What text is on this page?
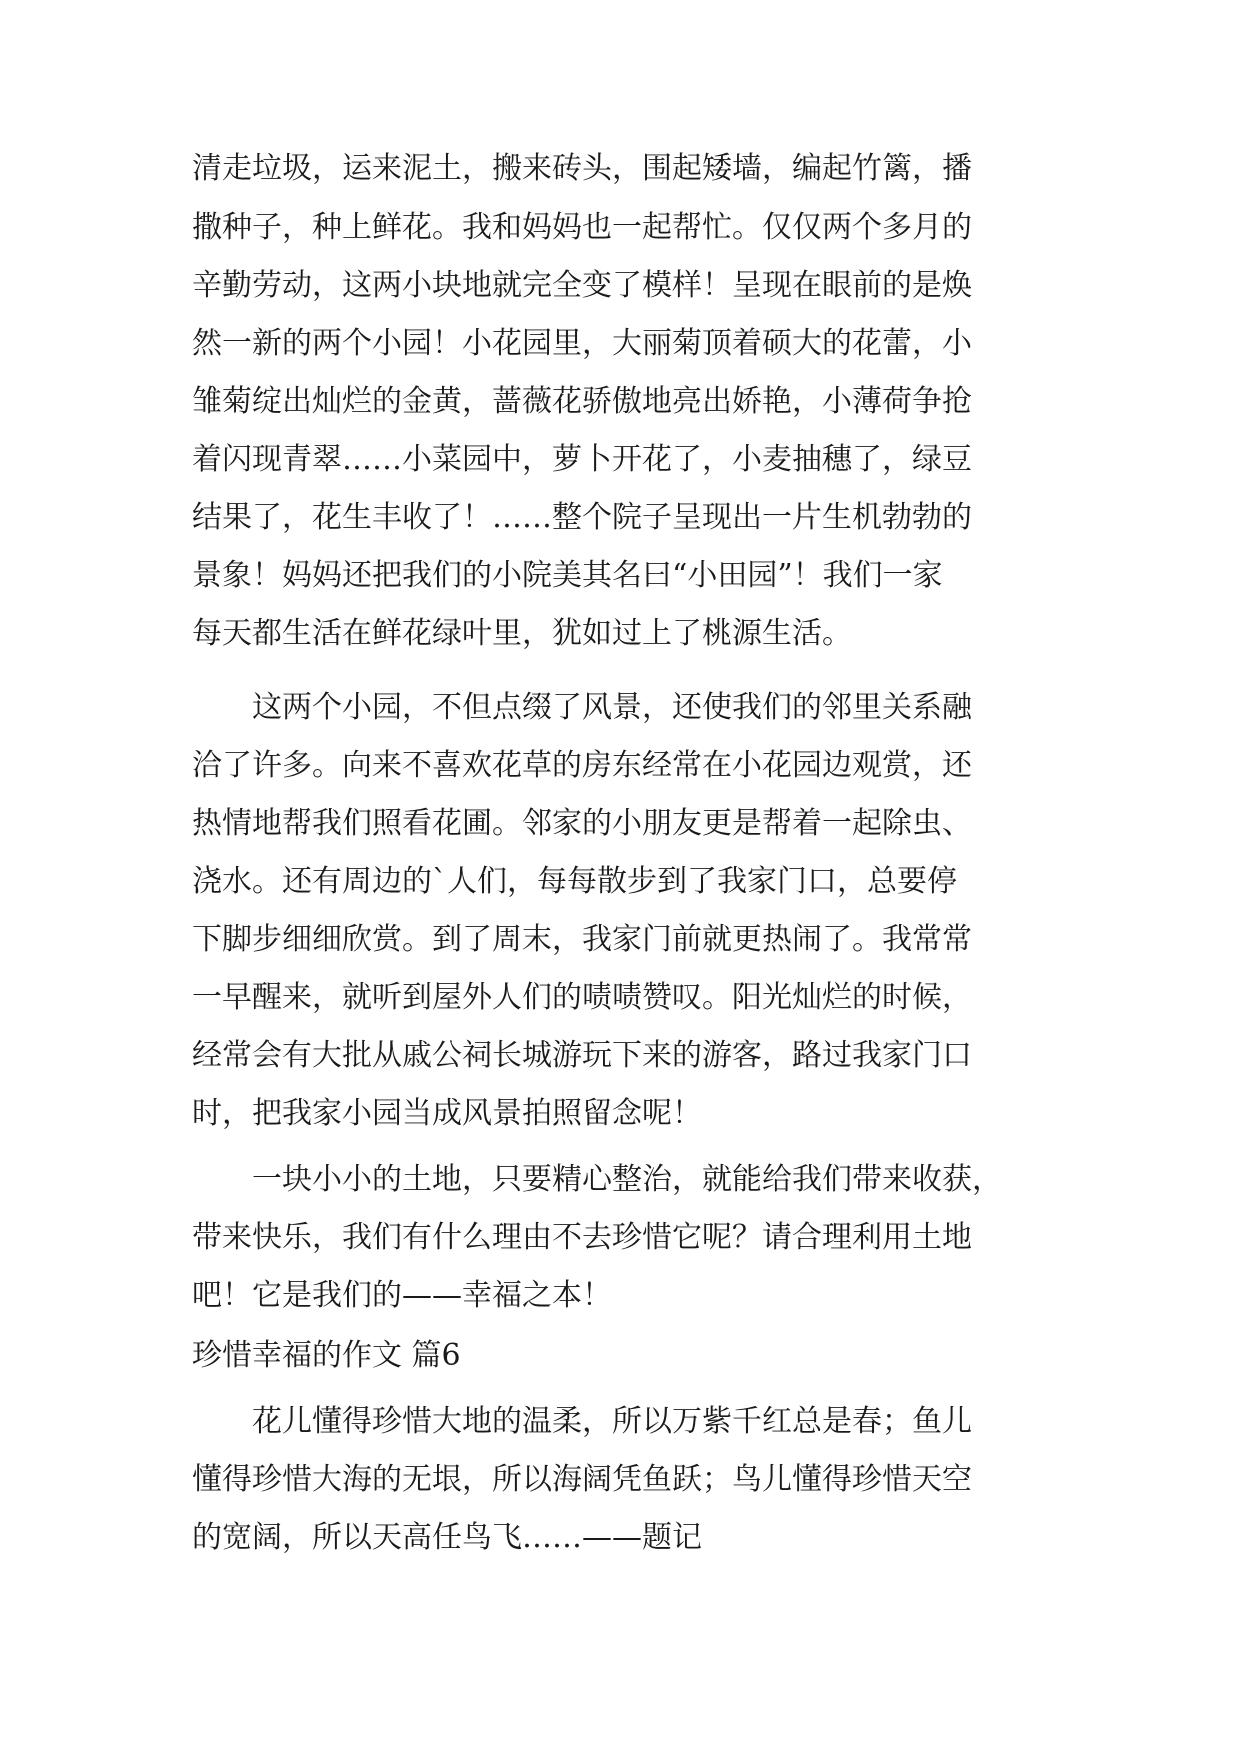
清走垃圾，运来泥土，搬来砖头，围起矮墙，编起竹篱，播
撒种子，种上鲜花。我和妈妈也一起帮忙。仅仅两个多月的
辛勤劳动，这两小块地就完全变了模样！呈现在眼前的是焕
然一新的两个小园！小花园里，大丽菊顶着硕大的花蕾，小
雏菊绽出灿烂的金黄，蔷薇花骄傲地亮出娇艳，小薄荷争抢
着闪现青翠……小菜园中，萝卜开花了，小麦抽穗了，绿豆
结果了，花生丰收了！……整个院子呈现出一片生机勃勃的
景象！妈妈还把我们的小院美其名曰“小田园”！我们一家
每天都生活在鲜花绿叶里，犹如过上了桃源生活。
　　这两个小园，不但点缀了风景，还使我们的邻里关系融
洽了许多。向来不喜欢花草的房东经常在小花园边观赏，还
热情地帮我们照看花圃。邻家的小朋友更是帮着一起除虫、
浇水。还有周边的`人们，每每散步到了我家门口，总要停
下脚步细细欣赏。到了周末，我家门前就更热闹了。我常常
一早醒来，就听到屋外人们的啧啧赞叹。阳光灿烂的时候，
经常会有大批从戚公祠长城游玩下来的游客，路过我家门口
时，把我家小园当成风景拍照留念呢！
　　一块小小的土地，只要精心整治，就能给我们带来收获，
带来快乐，我们有什么理由不去珍惜它呢？请合理利用土地
吧！它是我们的——幸福之本！
珍惜幸福的作文 篇6
　　花儿懂得珍惜大地的温柔，所以万紫千红总是春；鱼儿
懂得珍惜大海的无垠，所以海阔凭鱼跃；鸟儿懂得珍惜天空
的宽阔，所以天高任鸟飞……——题记
